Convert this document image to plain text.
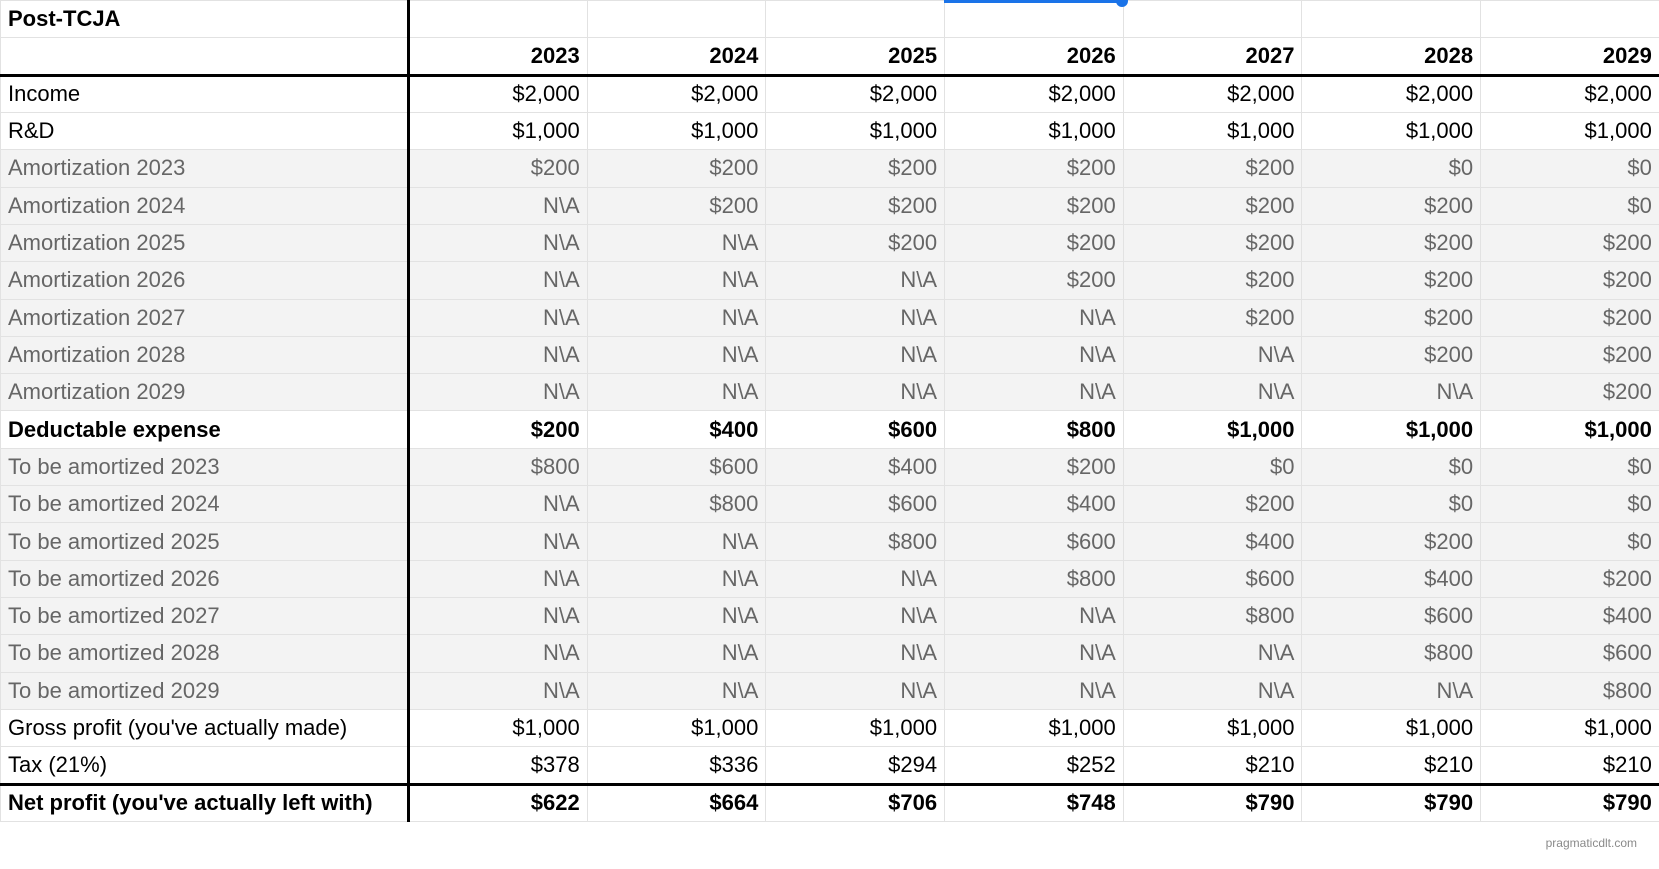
Post-TCJA							
	2023	2024	2025	2026	2027	2028	2029
Income	$2,000	$2,000	$2,000	$2,000	$2,000	$2,000	$2,000
R&D	$1,000	$1,000	$1,000	$1,000	$1,000	$1,000	$1,000
Amortization 2023	$200	$200	$200	$200	$200	$0	$0
Amortization 2024	N\A	$200	$200	$200	$200	$200	$0
Amortization 2025	N\A	N\A	$200	$200	$200	$200	$200
Amortization 2026	N\A	N\A	N\A	$200	$200	$200	$200
Amortization 2027	N\A	N\A	N\A	N\A	$200	$200	$200
Amortization 2028	N\A	N\A	N\A	N\A	N\A	$200	$200
Amortization 2029	N\A	N\A	N\A	N\A	N\A	N\A	$200
Deductable expense	$200	$400	$600	$800	$1,000	$1,000	$1,000
To be amortized 2023	$800	$600	$400	$200	$0	$0	$0
To be amortized 2024	N\A	$800	$600	$400	$200	$0	$0
To be amortized 2025	N\A	N\A	$800	$600	$400	$200	$0
To be amortized 2026	N\A	N\A	N\A	$800	$600	$400	$200
To be amortized 2027	N\A	N\A	N\A	N\A	$800	$600	$400
To be amortized 2028	N\A	N\A	N\A	N\A	N\A	$800	$600
To be amortized 2029	N\A	N\A	N\A	N\A	N\A	N\A	$800
Gross profit (you've actually made)	$1,000	$1,000	$1,000	$1,000	$1,000	$1,000	$1,000
Tax (21%)	$378	$336	$294	$252	$210	$210	$210
Net profit (you've actually left with)	$622	$664	$706	$748	$790	$790	$790
pragmaticdlt.com
